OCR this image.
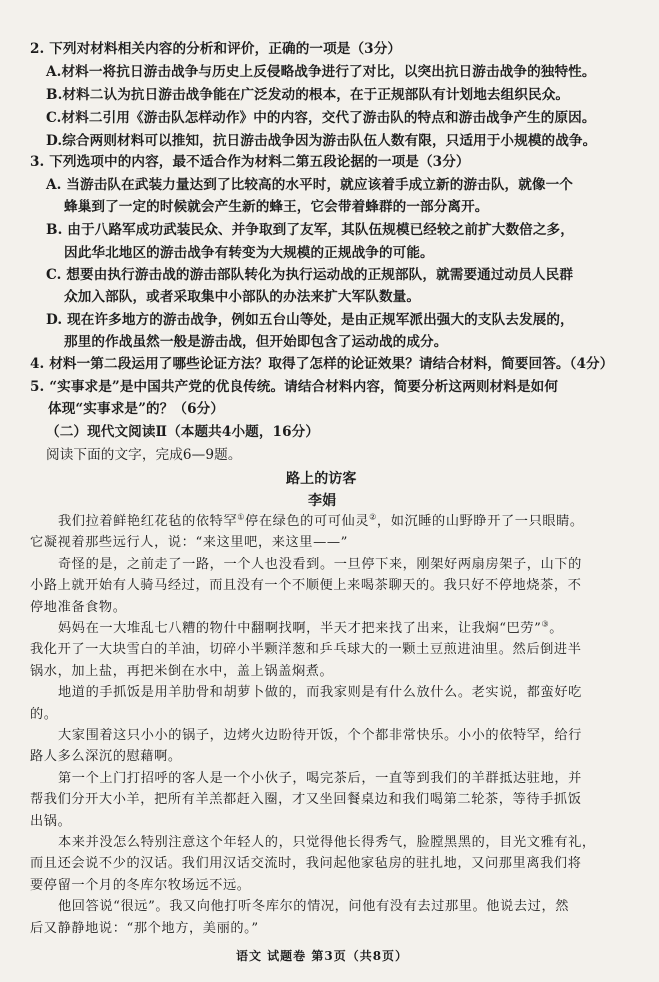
2. 下列对材料相关内容的分析和评价，正确的一项是（3分）
A.材料一将抗日游击战争与历史上反侵略战争进行了对比，以突出抗日游击战争的独特性。
B.材料二认为抗日游击战争能在广泛发动的根本，在于正规部队有计划地去组织民众。
C.材料二引用《游击队怎样动作》中的内容，交代了游击队的特点和游击战争产生的原因。
D.综合两则材料可以推知，抗日游击战争因为游击队伍人数有限，只适用于小规模的战争。
3. 下列选项中的内容，最不适合作为材料二第五段论据的一项是（3分）
A. 当游击队在武装力量达到了比较高的水平时，就应该着手成立新的游击队，就像一个
蜂巢到了一定的时候就会产生新的蜂王，它会带着蜂群的一部分离开。
B. 由于八路军成功武装民众、并争取到了友军，其队伍规模已经较之前扩大数倍之多，
因此华北地区的游击战争有转变为大规模的正规战争的可能。
C. 想要由执行游击战的游击部队转化为执行运动战的正规部队，就需要通过动员人民群
众加入部队，或者采取集中小部队的办法来扩大军队数量。
D. 现在许多地方的游击战争，例如五台山等处，是由正规军派出强大的支队去发展的，
那里的作战虽然一般是游击战，但开始即包含了运动战的成分。
4. 材料一第二段运用了哪些论证方法？取得了怎样的论证效果？请结合材料，简要回答。（4分）
5. “实事求是”是中国共产党的优良传统。请结合材料内容，简要分析这两则材料是如何
体现“实事求是”的？（6分）
（二）现代文阅读Ⅱ（本题共4小题，16分）
阅读下面的文字，完成6—9题。
路上的访客
李娟
我们拉着鲜艳红花毡的依特罕①停在绿色的可可仙灵②，如沉睡的山野睁开了一只眼睛。
它凝视着那些远行人，说：“来这里吧，来这里——”
奇怪的是，之前走了一路，一个人也没看到。一旦停下来，刚架好两扇房架子，山下的
小路上就开始有人骑马经过，而且没有一个不顺便上来喝茶聊天的。我只好不停地烧茶，不
停地准备食物。
妈妈在一大堆乱七八糟的物什中翻啊找啊，半天才把来找了出来，让我焖“巴劳”③。
我化开了一大块雪白的羊油，切碎小半颗洋葱和乒乓球大的一颗土豆煎进油里。然后倒进半
锅水，加上盐，再把米倒在水中，盖上锅盖焖煮。
地道的手抓饭是用羊肋骨和胡萝卜做的，而我家则是有什么放什么。老实说，都蛮好吃
的。
大家围着这只小小的锅子，边烤火边盼待开饭，个个都非常快乐。小小的依特罕，给行
路人多么深沉的慰藉啊。
第一个上门打招呼的客人是一个小伙子，喝完茶后，一直等到我们的羊群抵达驻地，并
帮我们分开大小羊，把所有羊羔都赶入圈，才又坐回餐桌边和我们喝第二轮茶，等待手抓饭
出锅。
本来并没怎么特别注意这个年轻人的，只觉得他长得秀气，脸膛黑黑的，目光文雅有礼，
而且还会说不少的汉话。我们用汉话交流时，我问起他家毡房的驻扎地，又问那里离我们将
要停留一个月的冬库尔牧场远不远。
语文 试题卷 第3页（共8页）
他回答说“很远”。我又向他打听冬库尔的情况，问他有没有去过那里。他说去过，然
后又静静地说：“那个地方，美丽的。”
